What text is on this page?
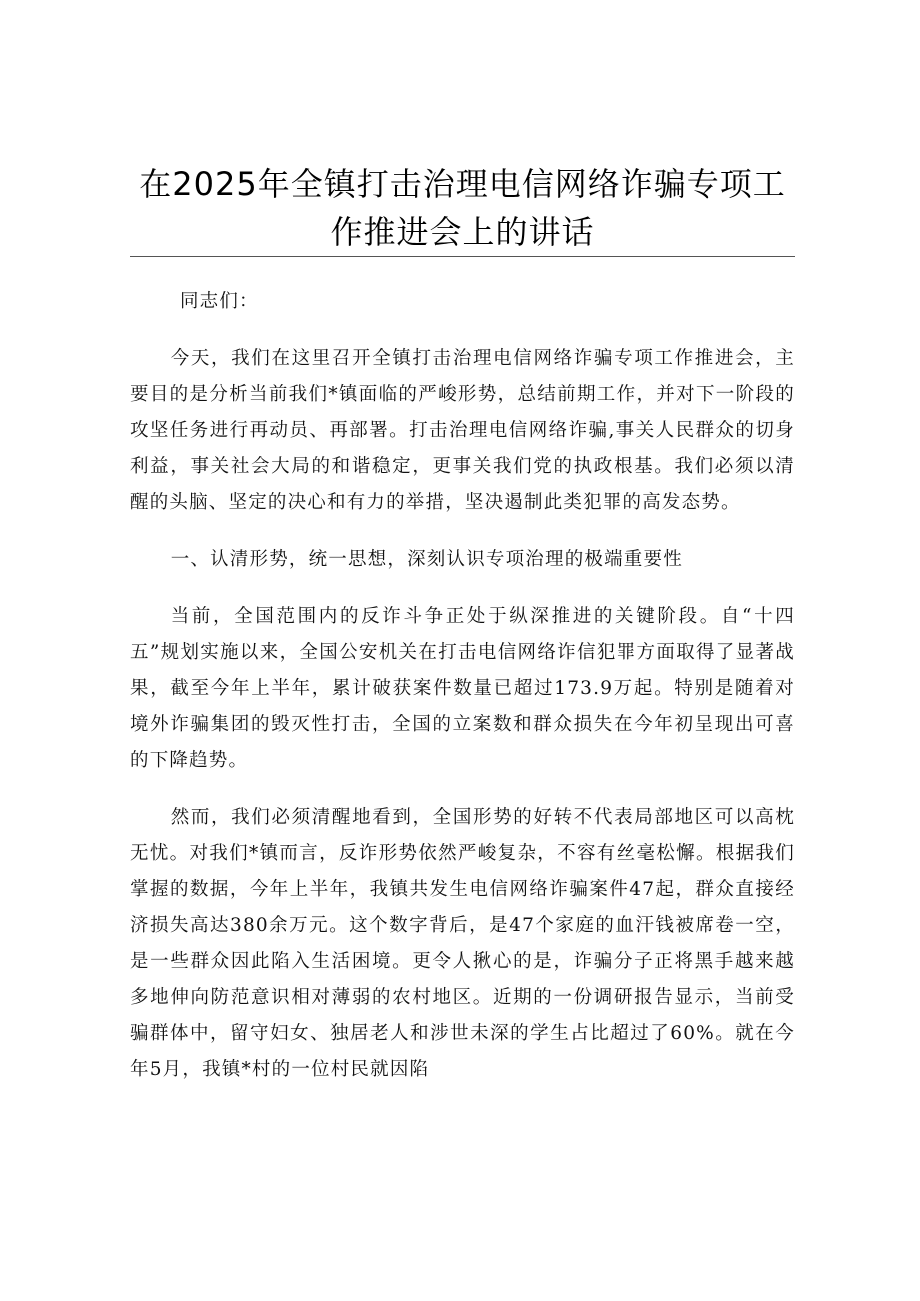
在2025年全镇打击治理电信网络诈骗专项工
作推进会上的讲话

同志们：

今天，我们在这里召开全镇打击治理电信网络诈骗专项工作推进会，主要目的是分析当前我们*镇面临的严峻形势，总结前期工作，并对下一阶段的攻坚任务进行再动员、再部署。打击治理电信网络诈骗,事关人民群众的切身利益，事关社会大局的和谐稳定，更事关我们党的执政根基。我们必须以清醒的头脑、坚定的决心和有力的举措，坚决遏制此类犯罪的高发态势。

一、认清形势，统一思想，深刻认识专项治理的极端重要性

当前，全国范围内的反诈斗争正处于纵深推进的关键阶段。自“十四五”规划实施以来，全国公安机关在打击电信网络诈信犯罪方面取得了显著战果，截至今年上半年，累计破获案件数量已超过173.9万起。特别是随着对境外诈骗集团的毁灭性打击，全国的立案数和群众损失在今年初呈现出可喜的下降趋势。

然而，我们必须清醒地看到，全国形势的好转不代表局部地区可以高枕无忧。对我们*镇而言，反诈形势依然严峻复杂，不容有丝毫松懈。根据我们掌握的数据，今年上半年，我镇共发生电信网络诈骗案件47起，群众直接经济损失高达380余万元。这个数字背后，是47个家庭的血汗钱被席卷一空，是一些群众因此陷入生活困境。更令人揪心的是，诈骗分子正将黑手越来越多地伸向防范意识相对薄弱的农村地区。近期的一份调研报告显示，当前受骗群体中，留守妇女、独居老人和涉世未深的学生占比超过了60%。就在今年5月，我镇*村的一位村民就因陷
